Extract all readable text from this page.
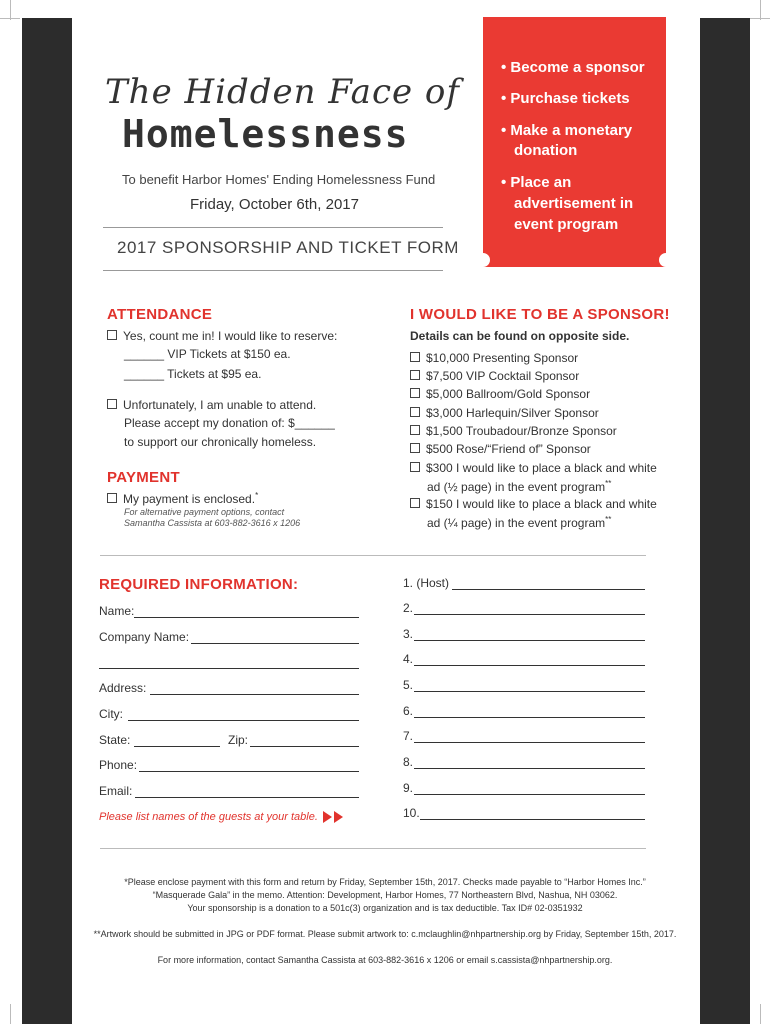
The Hidden Face of
Homelessness
To benefit Harbor Homes' Ending Homelessness Fund
Friday, October 6th, 2017
2017 SPONSORSHIP AND TICKET FORM
• Become a sponsor
• Purchase tickets
• Make a monetary
donation
• Place an
advertisement in
event program
ATTENDANCE
Yes, count me in! I would like to reserve:
______ VIP Tickets at $150 ea.
______ Tickets at $95 ea.
Unfortunately, I am unable to attend.
Please accept my donation of: $______
to support our chronically homeless.
PAYMENT
My payment is enclosed.*
For alternative payment options, contact
Samantha Cassista at 603-882-3616 x 1206
I WOULD LIKE TO BE A SPONSOR!
Details can be found on opposite side.
$10,000 Presenting Sponsor
$7,500 VIP Cocktail Sponsor
$5,000 Ballroom/Gold Sponsor
$3,000 Harlequin/Silver Sponsor
$1,500 Troubadour/Bronze Sponsor
$500 Rose/“Friend of” Sponsor
$300 I would like to place a black and white
ad (½ page) in the event program**
$150 I would like to place a black and white
ad (¼ page) in the event program**
REQUIRED INFORMATION:
Name:
Company Name:
Address:
City:
State:	Zip:
Phone:
Email:
Please list names of the guests at your table.
1. (Host)
2.
3.
4.
5.
6.
7.
8.
9.
10.
*Please enclose payment with this form and return by Friday, September 15th, 2017. Checks made payable to “Harbor Homes Inc.”
“Masquerade Gala” in the memo. Attention: Development, Harbor Homes, 77 Northeastern Blvd, Nashua, NH 03062.
Your sponsorship is a donation to a 501c(3) organization and is tax deductible. Tax ID# 02-0351932
**Artwork should be submitted in JPG or PDF format. Please submit artwork to: c.mclaughlin@nhpartnership.org by Friday, September 15th, 2017.
For more information, contact Samantha Cassista at 603-882-3616 x 1206 or email s.cassista@nhpartnership.org.
